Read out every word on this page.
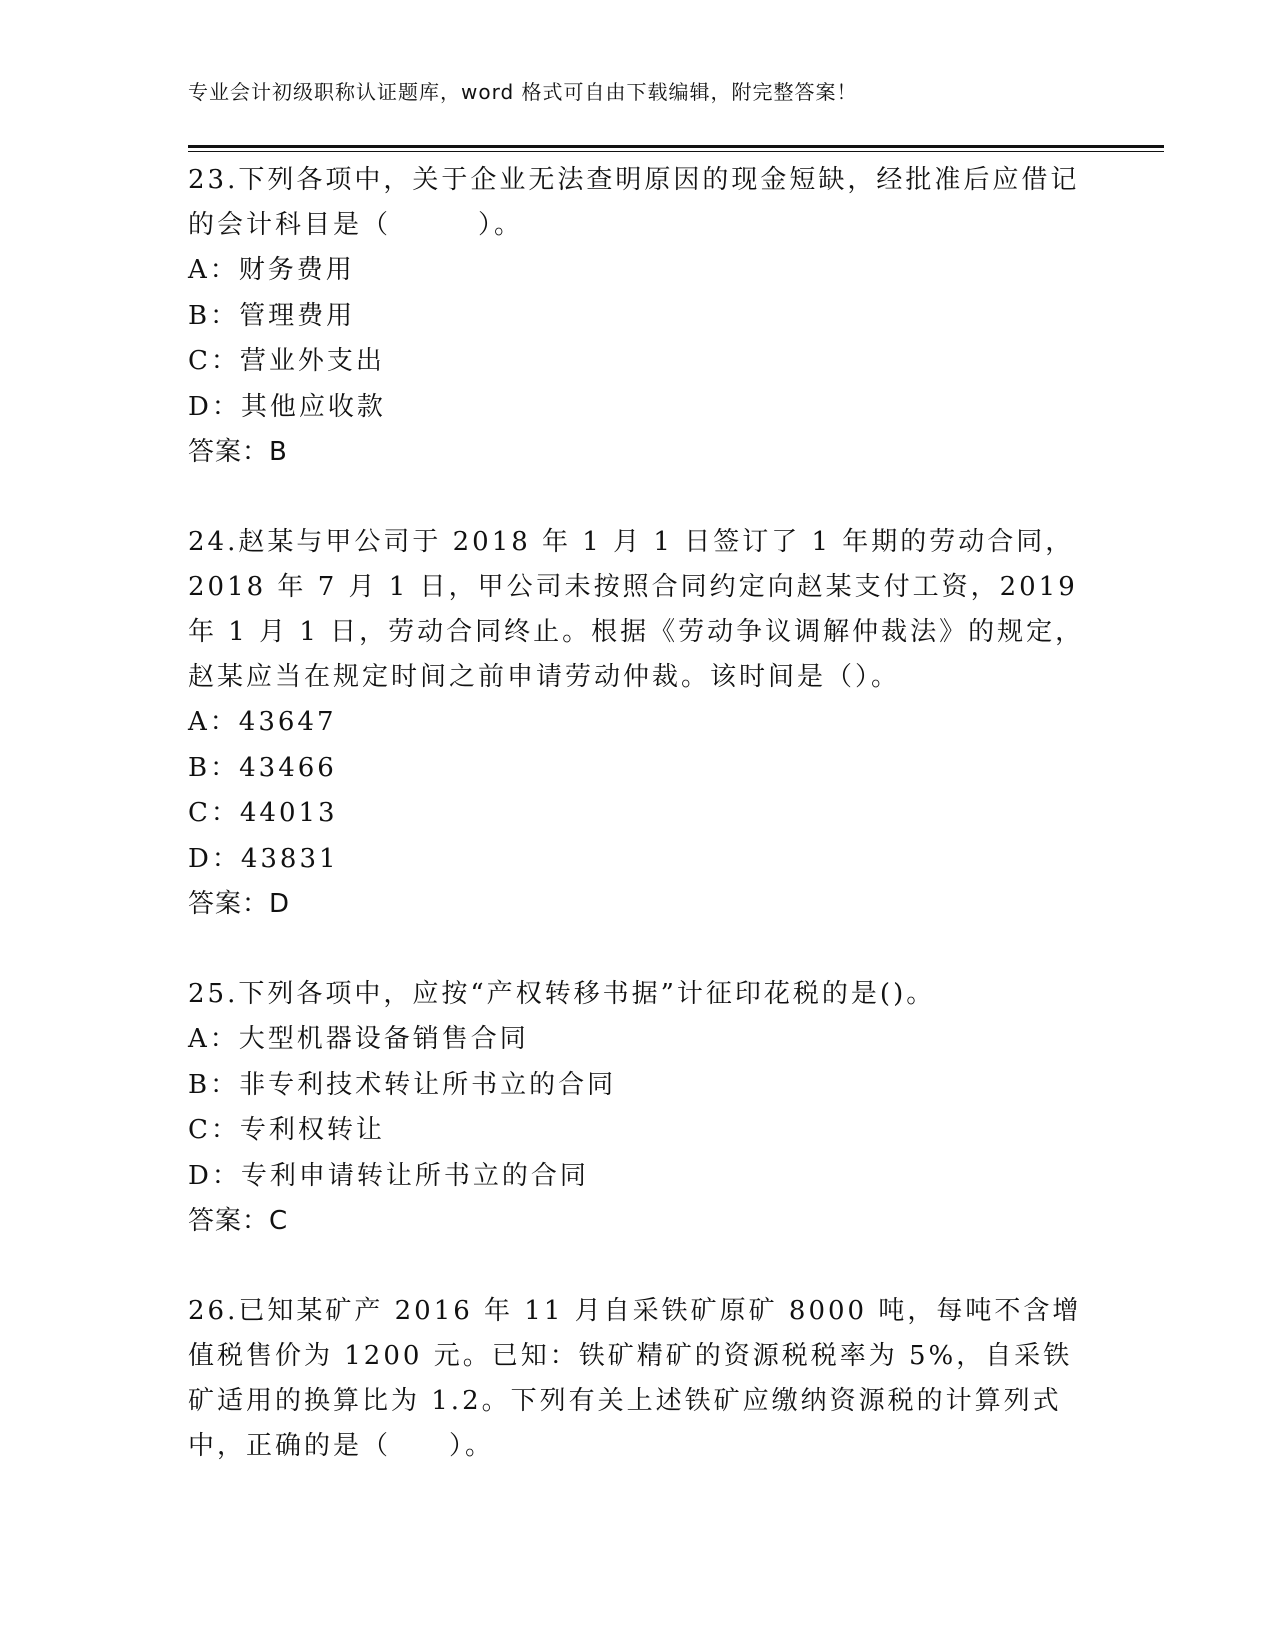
专业会计初级职称认证题库，word 格式可自由下载编辑，附完整答案！

23.下列各项中，关于企业无法查明原因的现金短缺，经批准后应借记的会计科目是（　　　）。

A：财务费用

B：管理费用

C：营业外支出

D：其他应收款

答案：B

24.赵某与甲公司于 2018 年 1 月 1 日签订了 1 年期的劳动合同，2018 年 7 月 1 日，甲公司未按照合同约定向赵某支付工资，2019 年 1 月 1 日，劳动合同终止。根据《劳动争议调解仲裁法》的规定，赵某应当在规定时间之前申请劳动仲裁。该时间是（）。

A：43647

B：43466

C：44013

D：43831

答案：D

25.下列各项中，应按“产权转移书据”计征印花税的是()。

A：大型机器设备销售合同

B：非专利技术转让所书立的合同

C：专利权转让

D：专利申请转让所书立的合同

答案：C

26.已知某矿产 2016 年 11 月自采铁矿原矿 8000 吨，每吨不含增值税售价为 1200 元。已知：铁矿精矿的资源税税率为 5%，自采铁矿适用的换算比为 1.2。下列有关上述铁矿应缴纳资源税的计算列式中，正确的是（　　）。
